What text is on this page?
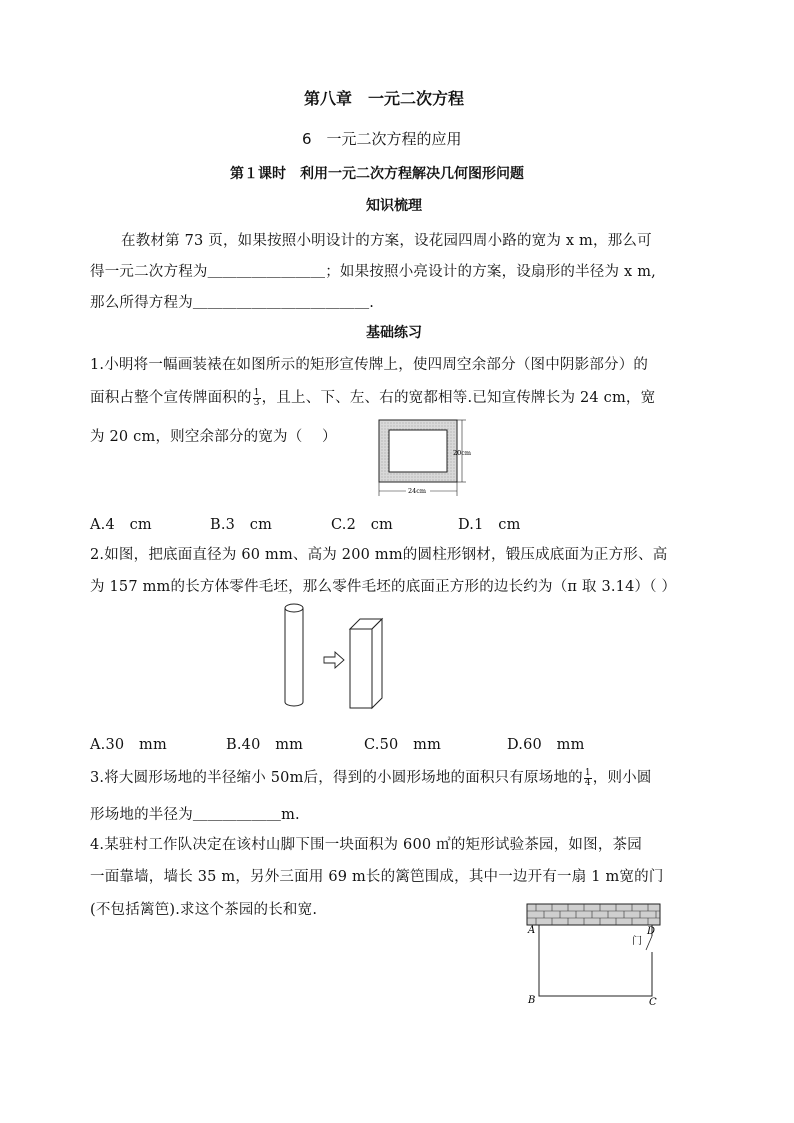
第八章　一元二次方程
6　一元二次方程的应用
第１课时　利用一元二次方程解决几何图形问题
知识梳理
在教材第 73 页，如果按照小明设计的方案，设花园四周小路的宽为 x m，那么可
得一元二次方程为＿＿＿＿＿＿＿＿；如果按照小亮设计的方案，设扇形的半径为 x m,
那么所得方程为＿＿＿＿＿＿＿＿＿＿＿＿.
基础练习
1.小明将一幅画装裱在如图所示的矩形宣传牌上，使四周空余部分（图中阴影部分）的
面积占整个宣传牌面积的 $\frac{1}{3}$ ，且上、下、左、右的宽都相等.已知宣传牌长为 24 cm，宽
为 20 cm，则空余部分的宽为（　 ）
20cm
24cm
A.4　cm	B.3　cm	C.2　cm	D.1　cm
2.如图，把底面直径为 60 mm、高为 200 mm的圆柱形钢材，锻压成底面为正方形、高
为 157 mm的长方体零件毛坯，那么零件毛坯的底面正方形的边长约为（π 取 3.14）（ ）
A.30　mm	B.40　mm	C.50　mm	D.60　mm
3.将大圆形场地的半径缩小 50m后，得到的小圆形场地的面积只有原场地的 $\frac{1}{4}$ ，则小圆
形场地的半径为＿＿＿＿＿＿m.
4.某驻村工作队决定在该村山脚下围一块面积为 600 ㎡的矩形试验茶园，如图，茶园
一面靠墙，墙长 35 m，另外三面用 69 m长的篱笆围成，其中一边开有一扇 1 m宽的门
(不包括篱笆).求这个茶园的长和宽.
A
B	C
D
门
